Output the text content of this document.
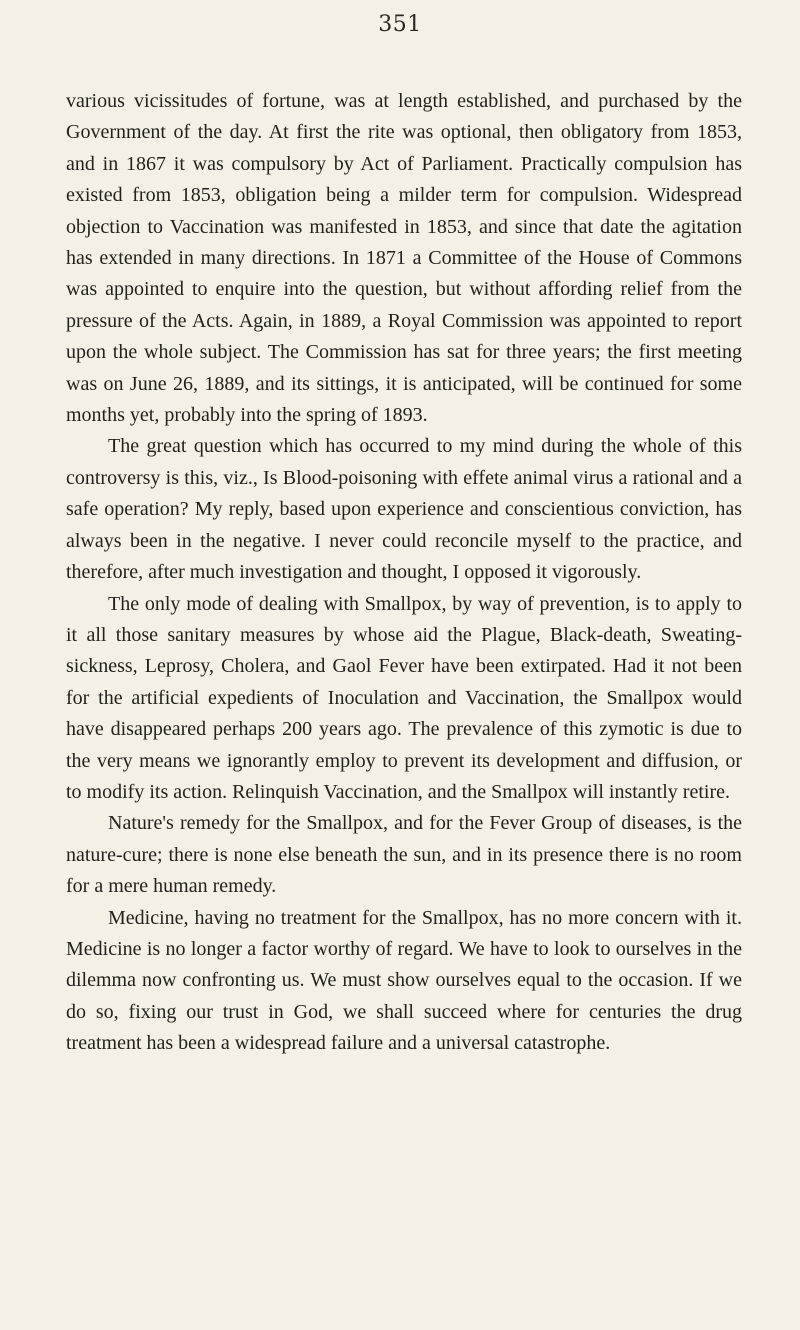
351

various vicissitudes of fortune, was at length established, and purchased by the Government of the day. At first the rite was optional, then obligatory from 1853, and in 1867 it was compulsory by Act of Parliament. Practically compulsion has existed from 1853, obligation being a milder term for compulsion. Widespread objection to Vaccination was manifested in 1853, and since that date the agitation has extended in many directions. In 1871 a Committee of the House of Commons was appointed to enquire into the question, but without affording relief from the pressure of the Acts. Again, in 1889, a Royal Commission was appointed to report upon the whole subject. The Commission has sat for three years; the first meeting was on June 26, 1889, and its sittings, it is anticipated, will be continued for some months yet, probably into the spring of 1893.

The great question which has occurred to my mind during the whole of this controversy is this, viz., Is Blood-poisoning with effete animal virus a rational and a safe operation? My reply, based upon experience and conscientious conviction, has always been in the negative. I never could reconcile myself to the practice, and therefore, after much investigation and thought, I opposed it vigorously.

The only mode of dealing with Smallpox, by way of prevention, is to apply to it all those sanitary measures by whose aid the Plague, Black-death, Sweating-sickness, Leprosy, Cholera, and Gaol Fever have been extirpated. Had it not been for the artificial expedients of Inoculation and Vaccination, the Smallpox would have disappeared perhaps 200 years ago. The prevalence of this zymotic is due to the very means we ignorantly employ to prevent its development and diffusion, or to modify its action. Relinquish Vaccination, and the Smallpox will instantly retire.

Nature's remedy for the Smallpox, and for the Fever Group of diseases, is the nature-cure; there is none else beneath the sun, and in its presence there is no room for a mere human remedy.

Medicine, having no treatment for the Smallpox, has no more concern with it. Medicine is no longer a factor worthy of regard. We have to look to ourselves in the dilemma now confronting us. We must show ourselves equal to the occasion. If we do so, fixing our trust in God, we shall succeed where for centuries the drug treatment has been a widespread failure and a universal catastrophe.
